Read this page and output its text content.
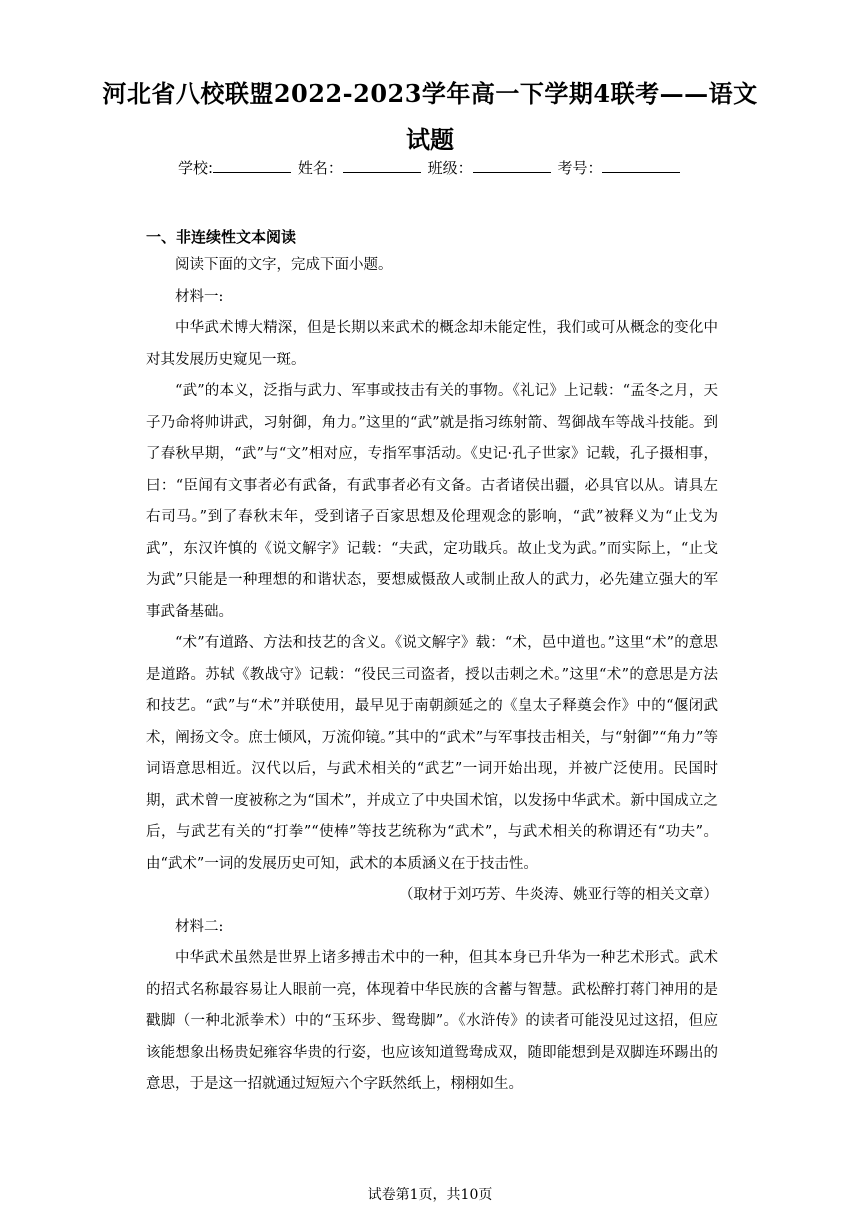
河北省八校联盟2022-2023学年高一下学期4联考——语文
试题
学校:	姓名：	班级：	考号：
一、非连续性文本阅读

阅读下面的文字，完成下面小题。

材料一:

中华武术博大精深，但是长期以来武术的概念却未能定性，我们或可从概念的变化中对其发展历史窥见一斑。

“武”的本义，泛指与武力、军事或技击有关的事物。《礼记》上记载：“孟冬之月，天子乃命将帅讲武，习射御，角力。”这里的“武”就是指习练射箭、驾御战车等战斗技能。到了春秋早期，“武”与“文”相对应，专指军事活动。《史记·孔子世家》记载，孔子摄相事，曰：“臣闻有文事者必有武备，有武事者必有文备。古者诸侯出疆，必具官以从。请具左右司马。”到了春秋末年，受到诸子百家思想及伦理观念的影响，“武”被释义为“止戈为武”，东汉许慎的《说文解字》记载：“夫武，定功戢兵。故止戈为武。”而实际上，“止戈为武”只能是一种理想的和谐状态，要想威慑敌人或制止敌人的武力，必先建立强大的军事武备基础。

“术”有道路、方法和技艺的含义。《说文解字》载：“术，邑中道也。”这里“术”的意思是道路。苏轼《教战守》记载：“役民三司盗者，授以击刺之术。”这里“术”的意思是方法和技艺。“武”与“术”并联使用，最早见于南朝颜延之的《皇太子释奠会作》中的“偃闭武术，阐扬文令。庶士倾风，万流仰镜。”其中的“武术”与军事技击相关，与“射御”“角力”等词语意思相近。汉代以后，与武术相关的“武艺”一词开始出现，并被广泛使用。民国时期，武术曾一度被称之为“国术”，并成立了中央国术馆，以发扬中华武术。新中国成立之后，与武艺有关的“打拳”“使棒”等技艺统称为“武术”，与武术相关的称谓还有“功夫”。由“武术”一词的发展历史可知，武术的本质涵义在于技击性。

（取材于刘巧芳、牛炎涛、姚亚行等的相关文章）

材料二:

中华武术虽然是世界上诸多搏击术中的一种，但其本身已升华为一种艺术形式。武术的招式名称最容易让人眼前一亮，体现着中华民族的含蓄与智慧。武松醉打蒋门神用的是戳脚（一种北派拳术）中的“玉环步、鸳鸯脚”。《水浒传》的读者可能没见过这招，但应该能想象出杨贵妃雍容华贵的行姿，也应该知道鸳鸯成双，随即能想到是双脚连环踢出的意思，于是这一招就通过短短六个字跃然纸上，栩栩如生。

试卷第1页，共10页
